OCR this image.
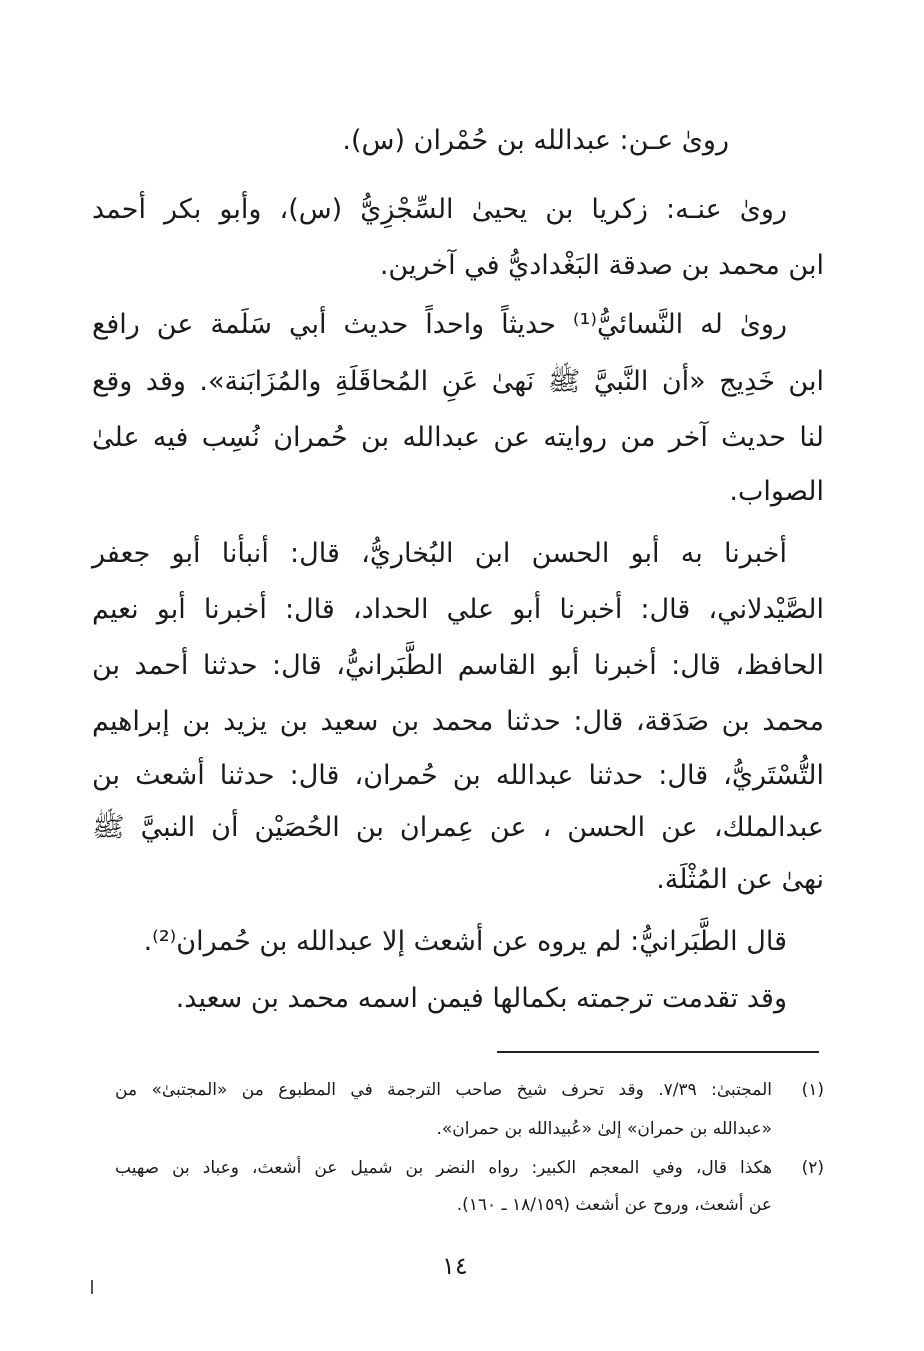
رویٰ عـن: عبدالله بن حُمْران (س).
رویٰ عنـه: زكريا بن يحيىٰ السِّجْزِيُّ (س)، وأبو بكر أحمد
ابن محمد بن صدقة البَغْداديُّ في آخرين.
روىٰ له النَّسائيُّ⁽¹⁾ حديثاً واحداً حديث أبي سَلَمة عن رافع
ابن خَدِيج «أن النَّبيَّ ﷺ نَهىٰ عَنِ المُحاقَلَةِ والمُزَابَنة». وقد وقع
لنا حديث آخر من روايته عن عبدالله بن حُمران نُسِب فيه علىٰ
الصواب.
أخبرنا به أبو الحسن ابن البُخاريُّ، قال: أنبأنا أبو جعفر
الصَّيْدلاني، قال: أخبرنا أبو علي الحداد، قال: أخبرنا أبو نعيم
الحافظ، قال: أخبرنا أبو القاسم الطَّبَرانيُّ، قال: حدثنا أحمد بن
محمد بن صَدَقة، قال: حدثنا محمد بن سعيد بن يزيد بن إبراهيم
التُّسْتَريُّ، قال: حدثنا عبدالله بن حُمران، قال: حدثنا أشعث بن
عبدالملك، عن الحسن ، عن عِمران بن الحُصَيْن أن النبيَّ ﷺ
نهىٰ عن المُثْلَة.
قال الطَّبَرانيُّ: لم يروه عن أشعث إلا عبدالله بن حُمران⁽²⁾.
وقد تقدمت ترجمته بكمالها فيمن اسمه محمد بن سعيد.
(١)
المجتبىٰ: ٧/٣٩. وقد تحرف شيخ صاحب الترجمة في المطبوع من «المجتبىٰ» من
«عبدالله بن حمران» إلىٰ «عُبيدالله بن حمران».
(٢)
هكذا قال، وفي المعجم الكبير: رواه النضر بن شميل عن أشعث، وعباد بن صهيب
عن أشعث، وروح عن أشعث (١٨/١٥٩ ـ ١٦٠).
١٤
